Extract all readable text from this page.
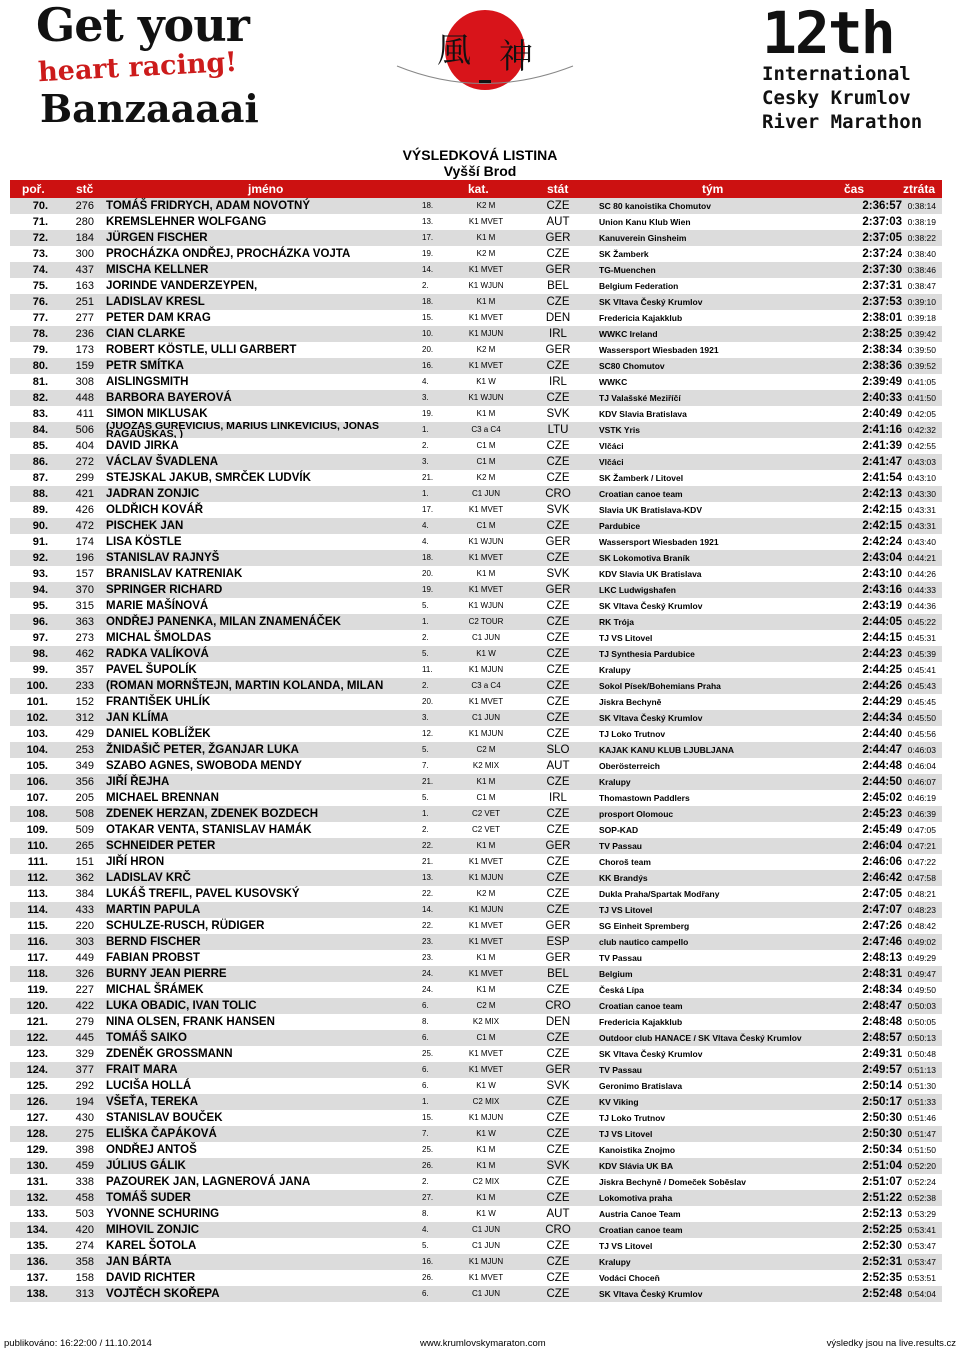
Get your
heart racing!
Banzaaaai
風 神	12th
International
Cesky Krumlov
River Marathon
VÝSLEDKOVÁ LISTINA
Vyšší Brod
poř.	stč	jméno	kat.	stát	tým	čas	ztráta
70.	276 TOMÁŠ FRIDRYCH, ADAM NOVOTNÝ	18.	K2 M	CZE	SC 80 kanoistika Chomutov	2:36:57 0:38:14
71.	280 KREMSLEHNER WOLFGANG	13.	K1 MVET	AUT	Union Kanu Klub Wien	2:37:03 0:38:19
72.	184 JÜRGEN FISCHER	17.	K1 M	GER	Kanuverein Ginsheim	2:37:05 0:38:22
73.	300 PROCHÁZKA ONDŘEJ, PROCHÁZKA VOJTA	19.	K2 M	CZE	SK Žamberk	2:37:24 0:38:40
74.	437 MISCHA KELLNER	14.	K1 MVET	GER	TG-Muenchen	2:37:30 0:38:46
75.	163 JORINDE VANDERZEYPEN,	2.	K1 WJUN	BEL	Belgium Federation	2:37:31 0:38:47
76.	251 LADISLAV KRESL	18.	K1 M	CZE	SK Vltava Český Krumlov	2:37:53 0:39:10
77.	277 PETER DAM KRAG	15.	K1 MVET	DEN	Fredericia Kajakklub	2:38:01 0:39:18
78.	236 CIAN CLARKE	10.	K1 MJUN	IRL	WWKC Ireland	2:38:25 0:39:42
79.	173 ROBERT KÖSTLE, ULLI GARBERT	20.	K2 M	GER	Wassersport Wiesbaden 1921	2:38:34 0:39:50
80.	159 PETR SMÍTKA	16.	K1 MVET	CZE	SC80 Chomutov	2:38:36 0:39:52
81.	308 AISLINGSMITH	4.	K1 W	IRL	WWKC	2:39:49 0:41:05
82.	448 BARBORA BAYEROVÁ	3.	K1 WJUN	CZE	TJ Valašské Meziříčí	2:40:33 0:41:50
83.	411 SIMON MIKLUSAK	19.	K1 M	SVK	KDV Slavia Bratislava	2:40:49 0:42:05
84.	506 (JUOZAS GUREVICIUS, MARIUS LINKEVICIUS, JONAS RAGAUSKAS, )	1.	C3 a C4	LTU	VSTK Yris	2:41:16 0:42:32
85.	404 DAVID JIRKA	2.	C1 M	CZE	Vlčáci	2:41:39 0:42:55
86.	272 VÁCLAV ŠVADLENA	3.	C1 M	CZE	Vlčáci	2:41:47 0:43:03
87.	299 STEJSKAL JAKUB, SMRČEK LUDVÍK	21.	K2 M	CZE	SK Žamberk / Litovel	2:41:54 0:43:10
88.	421 JADRAN ZONJIC	1.	C1 JUN	CRO	Croatian canoe team	2:42:13 0:43:30
89.	426 OLDŘICH KOVÁŘ	17.	K1 MVET	SVK	Slavia UK Bratislava-KDV	2:42:15 0:43:31
90.	472 PISCHEK JAN	4.	C1 M	CZE	Pardubice	2:42:15 0:43:31
91.	174 LISA KÖSTLE	4.	K1 WJUN	GER	Wassersport Wiesbaden 1921	2:42:24 0:43:40
92.	196 STANISLAV RAJNYŠ	18.	K1 MVET	CZE	SK Lokomotiva Braník	2:43:04 0:44:21
93.	157 BRANISLAV KATRENIAK	20.	K1 M	SVK	KDV Slavia UK Bratislava	2:43:10 0:44:26
94.	370 SPRINGER RICHARD	19.	K1 MVET	GER	LKC Ludwigshafen	2:43:16 0:44:33
95.	315 MARIE MAŠÍNOVÁ	5.	K1 WJUN	CZE	SK Vltava Český Krumlov	2:43:19 0:44:36
96.	363 ONDŘEJ PANENKA, MILAN ZNAMENÁČEK	1.	C2 TOUR	CZE	RK Trója	2:44:05 0:45:22
97.	273 MICHAL ŠMOLDAS	2.	C1 JUN	CZE	TJ VS Litovel	2:44:15 0:45:31
98.	462 RADKA VALÍKOVÁ	5.	K1 W	CZE	TJ Synthesia Pardubice	2:44:23 0:45:39
99.	357 PAVEL ŠUPOLÍK	11.	K1 MJUN	CZE	Kralupy	2:44:25 0:45:41
100.	233 (ROMAN MORNŠTEJN, MARTIN KOLANDA, MILAN	2.	C3 a C4	CZE	Sokol Písek/Bohemians Praha	2:44:26 0:45:43
101.	152 FRANTIŠEK UHLÍK	20.	K1 MVET	CZE	Jiskra Bechyně	2:44:29 0:45:45
102.	312 JAN KLÍMA	3.	C1 JUN	CZE	SK Vltava Český Krumlov	2:44:34 0:45:50
103.	429 DANIEL KOBLÍŽEK	12.	K1 MJUN	CZE	TJ Loko Trutnov	2:44:40 0:45:56
104.	253 ŽNIDAŠIČ PETER, ŽGANJAR LUKA	5.	C2 M	SLO	KAJAK KANU KLUB LJUBLJANA	2:44:47 0:46:03
105.	349 SZABO AGNES, SWOBODA MENDY	7.	K2 MIX	AUT	Oberösterreich	2:44:48 0:46:04
106.	356 JIŘÍ ŘEJHA	21.	K1 M	CZE	Kralupy	2:44:50 0:46:07
107.	205 MICHAEL BRENNAN	5.	C1 M	IRL	Thomastown Paddlers	2:45:02 0:46:19
108.	508 ZDENEK HERZAN, ZDENEK BOZDECH	1.	C2 VET	CZE	prosport Olomouc	2:45:23 0:46:39
109.	509 OTAKAR VENTA, STANISLAV HAMÁK	2.	C2 VET	CZE	SOP-KAD	2:45:49 0:47:05
110.	265 SCHNEIDER PETER	22.	K1 M	GER	TV Passau	2:46:04 0:47:21
111.	151 JIŘÍ HRON	21.	K1 MVET	CZE	Choroš team	2:46:06 0:47:22
112.	362 LADISLAV KRČ	13.	K1 MJUN	CZE	KK Brandýs	2:46:42 0:47:58
113.	384 LUKÁŠ TREFIL, PAVEL KUSOVSKÝ	22.	K2 M	CZE	Dukla Praha/Spartak Modřany	2:47:05 0:48:21
114.	433 MARTIN PAPULA	14.	K1 MJUN	CZE	TJ VS Litovel	2:47:07 0:48:23
115.	220 SCHULZE-RUSCH, RÜDIGER	22.	K1 MVET	GER	SG Einheit Spremberg	2:47:26 0:48:42
116.	303 BERND FISCHER	23.	K1 MVET	ESP	club nautico campello	2:47:46 0:49:02
117.	449 FABIAN PROBST	23.	K1 M	GER	TV Passau	2:48:13 0:49:29
118.	326 BURNY JEAN PIERRE	24.	K1 MVET	BEL	Belgium	2:48:31 0:49:47
119.	227 MICHAL ŠRÁMEK	24.	K1 M	CZE	Česká Lípa	2:48:34 0:49:50
120.	422 LUKA OBADIC, IVAN TOLIC	6.	C2 M	CRO	Croatian canoe team	2:48:47 0:50:03
121.	279 NINA OLSEN, FRANK HANSEN	8.	K2 MIX	DEN	Fredericia Kajakklub	2:48:48 0:50:05
122.	445 TOMÁŠ SAIKO	6.	C1 M	CZE	Outdoor club HANACE / SK Vltava Český Krumlov	2:48:57 0:50:13
123.	329 ZDENĚK GROSSMANN	25.	K1 MVET	CZE	SK Vltava Český Krumlov	2:49:31 0:50:48
124.	377 FRAIT MARA	6.	K1 MVET	GER	TV Passau	2:49:57 0:51:13
125.	292 LUCIŠA HOLLÁ	6.	K1 W	SVK	Geronimo Bratislava	2:50:14 0:51:30
126.	194 VŠEŤA, TEREKA	1.	C2 MIX	CZE	KV Viking	2:50:17 0:51:33
127.	430 STANISLAV BOUČEK	15.	K1 MJUN	CZE	TJ Loko Trutnov	2:50:30 0:51:46
128.	275 ELIŠKA ČAPÁKOVÁ	7.	K1 W	CZE	TJ VS Litovel	2:50:30 0:51:47
129.	398 ONDŘEJ ANTOŠ	25.	K1 M	CZE	Kanoistika Znojmo	2:50:34 0:51:50
130.	459 JÚLIUS GÁLIK	26.	K1 M	SVK	KDV Slávia UK BA	2:51:04 0:52:20
131.	338 PAZOUREK JAN, LAGNEROVÁ JANA	2.	C2 MIX	CZE	Jiskra Bechyně / Domeček Soběslav	2:51:07 0:52:24
132.	458 TOMÁŠ SUDER	27.	K1 M	CZE	Lokomotiva praha	2:51:22 0:52:38
133.	503 YVONNE SCHURING	8.	K1 W	AUT	Austria Canoe Team	2:52:13 0:53:29
134.	420 MIHOVIL ZONJIC	4.	C1 JUN	CRO	Croatian canoe team	2:52:25 0:53:41
135.	274 KAREL ŠOTOLA	5.	C1 JUN	CZE	TJ VS Litovel	2:52:30 0:53:47
136.	358 JAN BÁRTA	16.	K1 MJUN	CZE	Kralupy	2:52:31 0:53:47
137.	158 DAVID RICHTER	26.	K1 MVET	CZE	Vodáci Choceň	2:52:35 0:53:51
138.	313 VOJTĚCH SKOŘEPA	6.	C1 JUN	CZE	SK Vltava Český Krumlov	2:52:48 0:54:04
publikováno: 16:22:00 / 11.10.2014	www.krumlovskymaraton.com	výsledky jsou na live.results.cz
